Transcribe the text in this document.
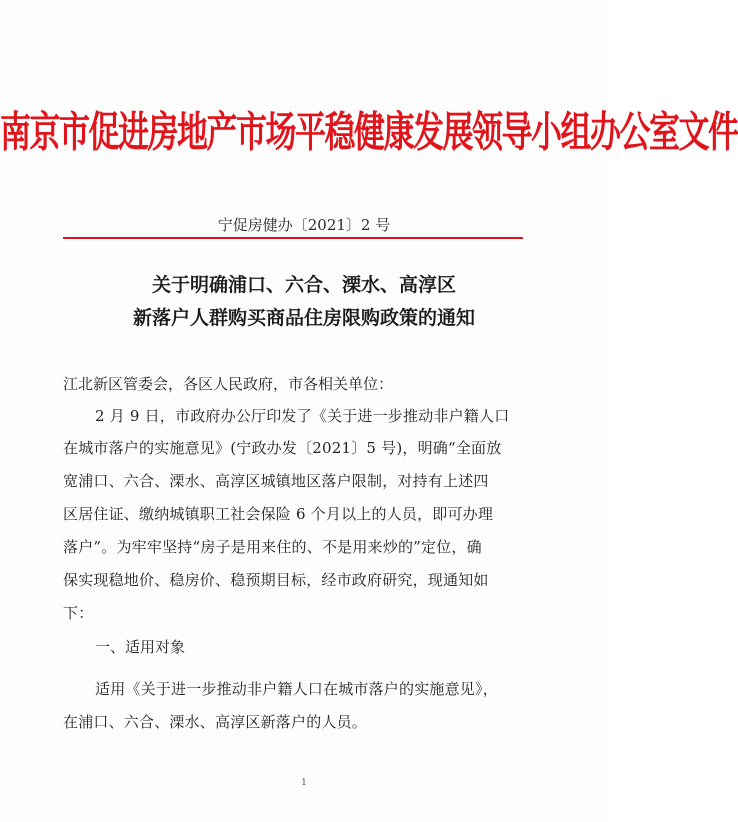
南京市促进房地产市场平稳健康发展领导小组办公室文件
宁促房健办〔2021〕2 号
关于明确浦口、六合、溧水、高淳区
新落户人群购买商品住房限购政策的通知
江北新区管委会，各区人民政府，市各相关单位：
2 月 9 日，市政府办公厅印发了《关于进一步推动非户籍人口
在城市落户的实施意见》(宁政办发〔2021〕5 号)，明确“全面放
宽浦口、六合、溧水、高淳区城镇地区落户限制，对持有上述四
区居住证、缴纳城镇职工社会保险 6 个月以上的人员，即可办理
落户”。为牢牢坚持“房子是用来住的、不是用来炒的”定位，确
保实现稳地价、稳房价、稳预期目标，经市政府研究，现通知如
下：
一、适用对象
适用《关于进一步推动非户籍人口在城市落户的实施意见》，
在浦口、六合、溧水、高淳区新落户的人员。
1
